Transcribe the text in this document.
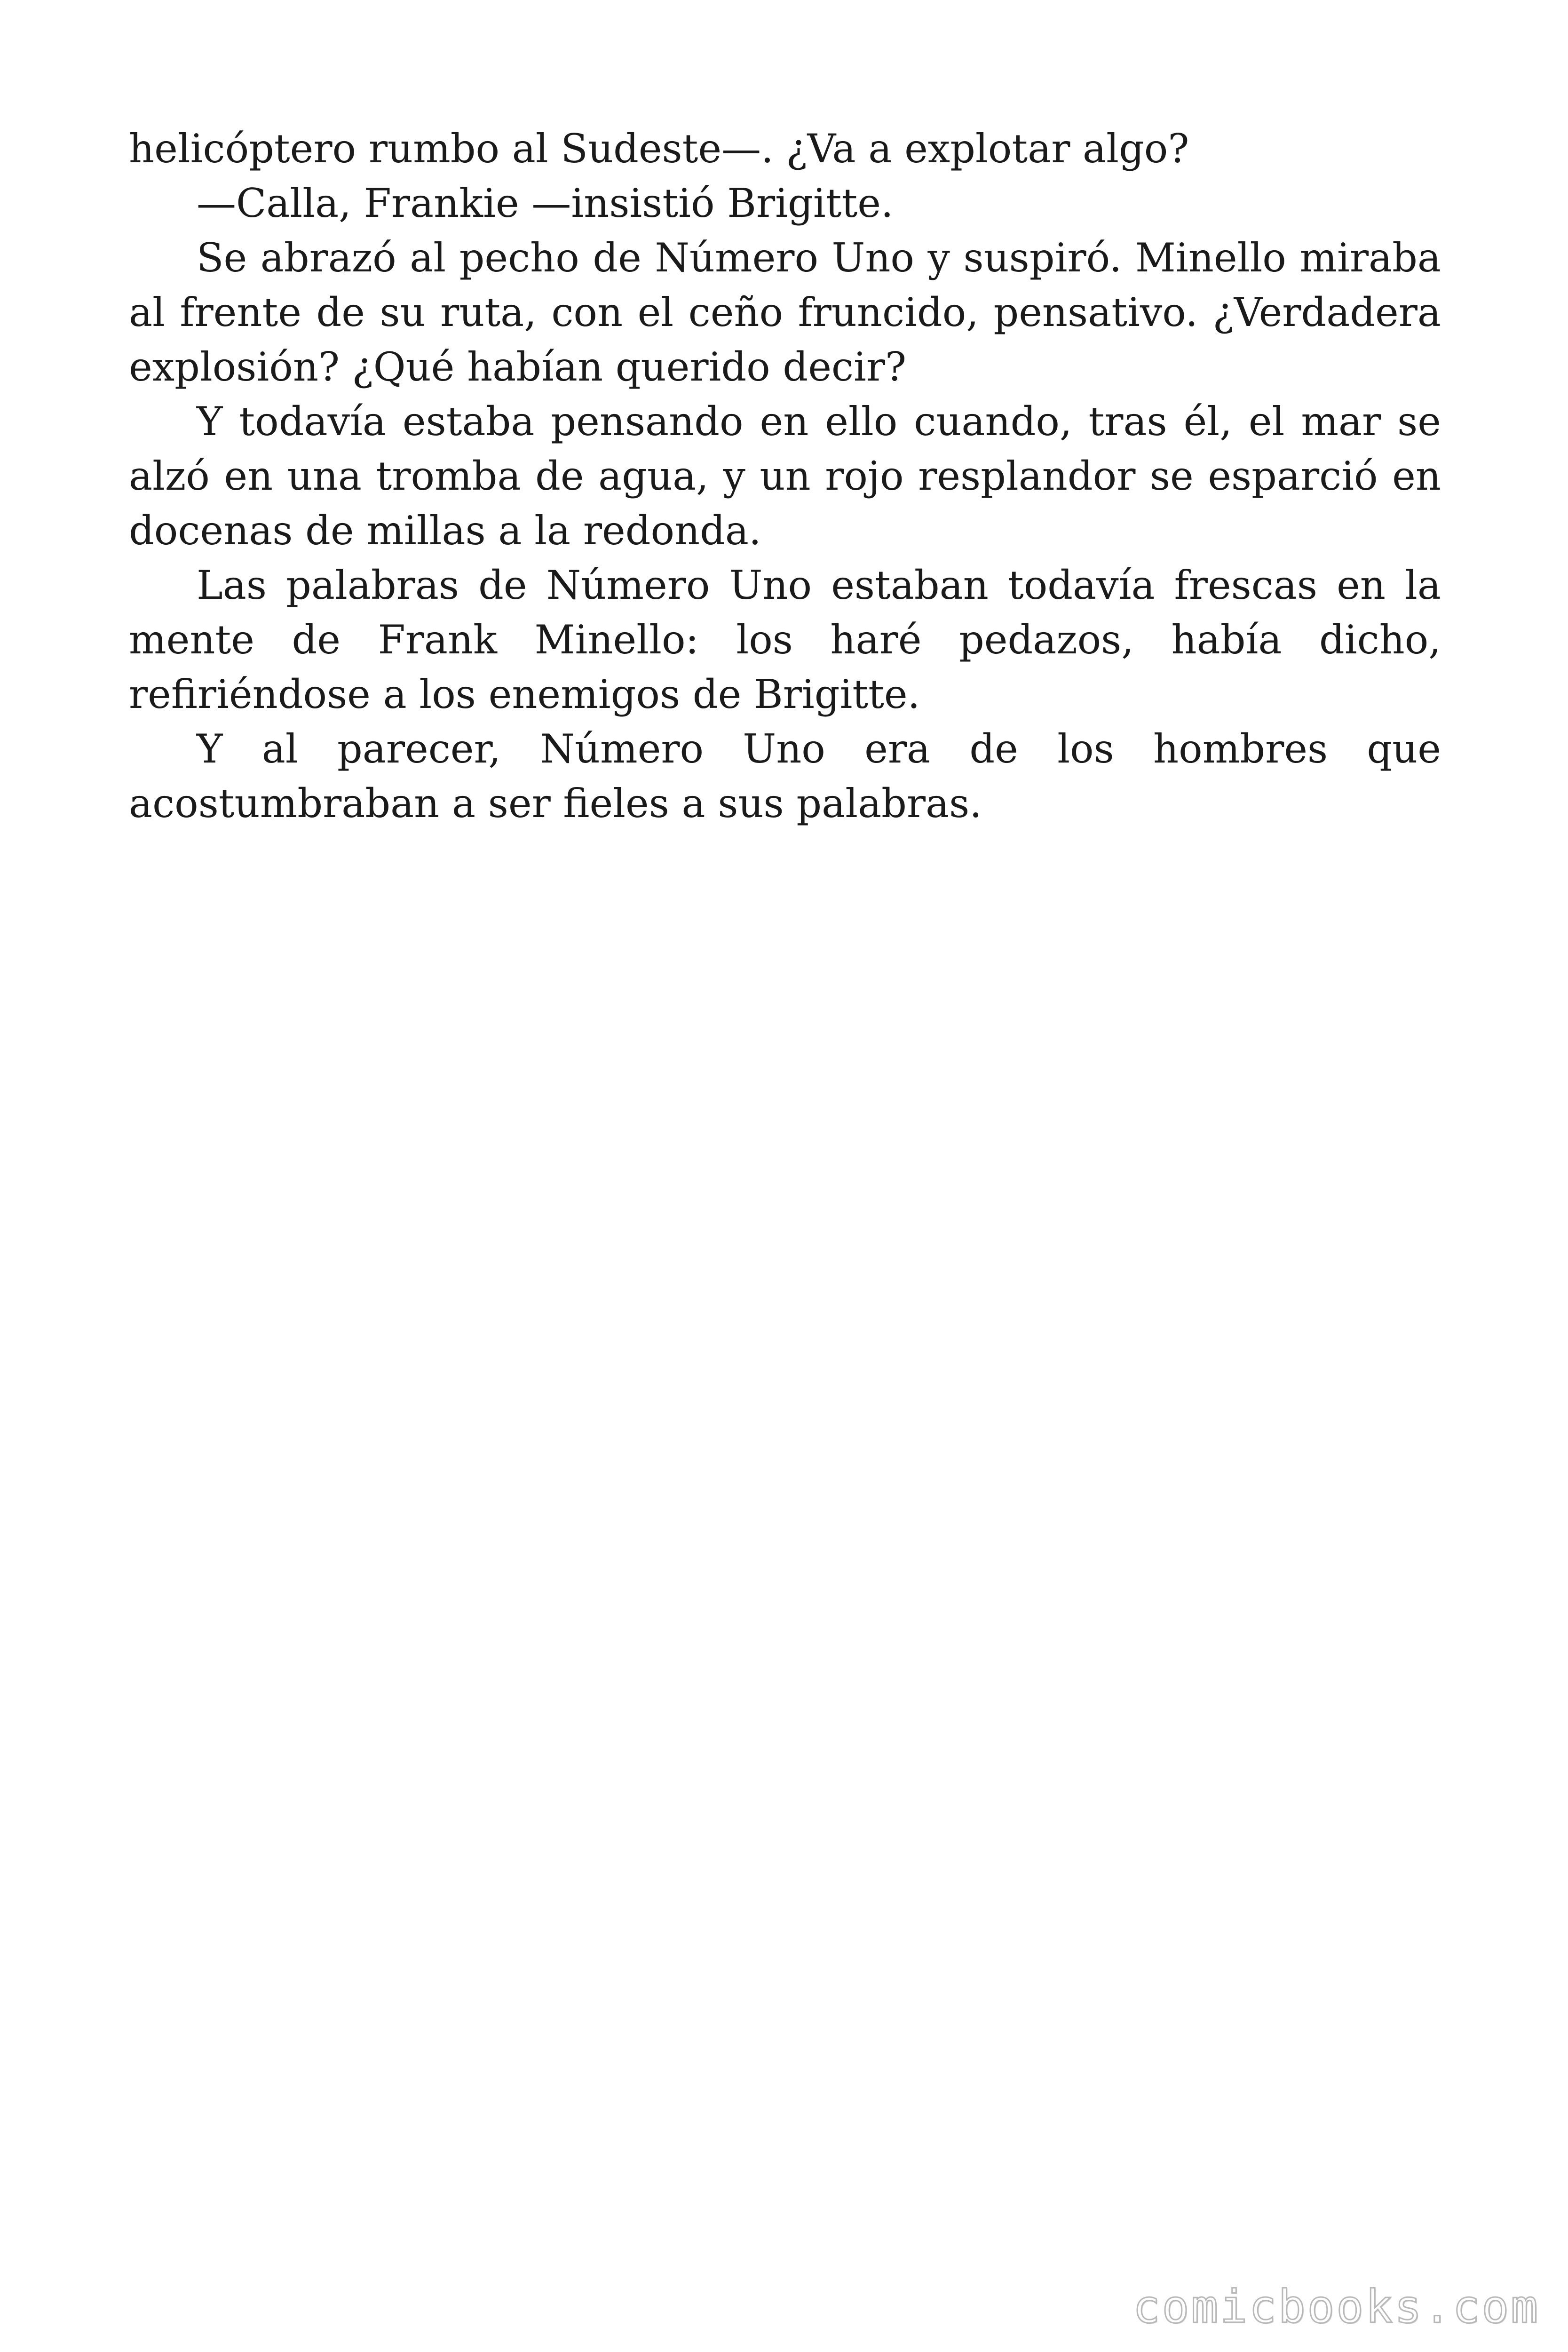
helicóptero rumbo al Sudeste—. ¿Va a explotar algo?

—Calla, Frankie —insistió Brigitte.

Se abrazó al pecho de Número Uno y suspiró. Minello miraba al frente de su ruta, con el ceño fruncido, pensativo. ¿Verdadera explosión? ¿Qué habían querido decir?

Y todavía estaba pensando en ello cuando, tras él, el mar se alzó en una tromba de agua, y un rojo resplandor se esparció en docenas de millas a la redonda.

Las palabras de Número Uno estaban todavía frescas en la mente de Frank Minello: los haré pedazos, había dicho, refiriéndose a los enemigos de Brigitte.

Y al parecer, Número Uno era de los hombres que acostumbraban a ser fieles a sus palabras.

comicbooks.com
